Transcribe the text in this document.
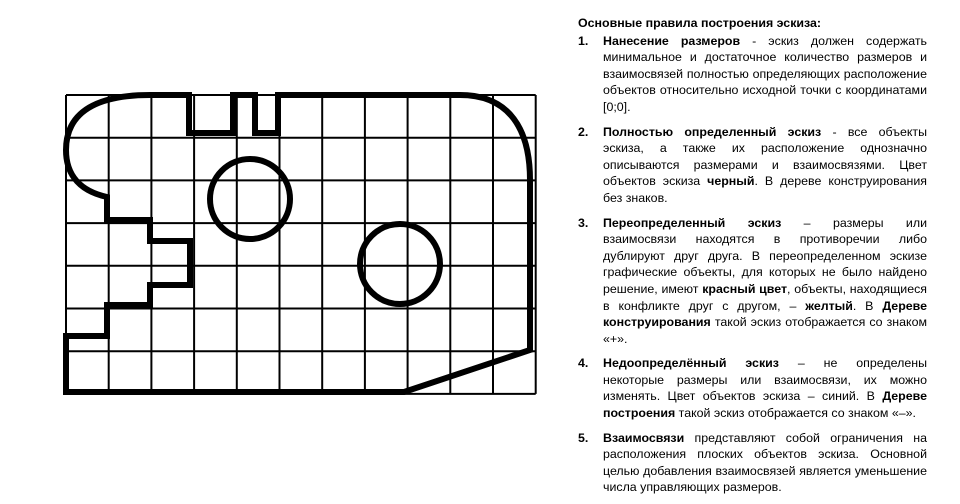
Основные правила построения эскиза:
1. Нанесение размеров - эскиз должен содержать минимальное и достаточное количество размеров и взаимосвязей полностью определяющих расположение объектов относительно исходной точки с координатами [0;0].
2. Полностью определенный эскиз - все объекты эскиза, а также их расположение однозначно описываются размерами и взаимосвязями. Цвет объектов эскиза черный. В дереве конструирования без знаков.
3. Переопределенный эскиз – размеры или взаимосвязи находятся в противоречии либо дублируют друг друга. В переопределенном эскизе графические объекты, для которых не было найдено решение, имеют красный цвет, объекты, находящиеся в конфликте друг с другом, – желтый. В Дереве конструирования такой эскиз отображается со знаком «+».
4. Недоопределённый эскиз – не определены некоторые размеры или взаимосвязи, их можно изменять. Цвет объектов эскиза – синий. В Дереве построения такой эскиз отображается со знаком «–».
5. Взаимосвязи представляют собой ограничения на расположения плоских объектов эскиза. Основной целью добавления взаимосвязей является уменьшение числа управляющих размеров.
